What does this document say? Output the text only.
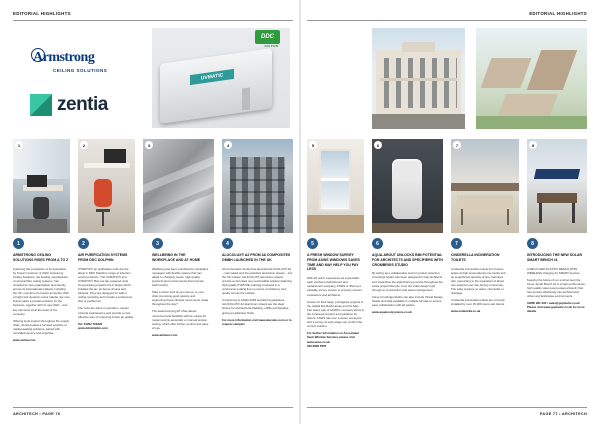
EDITORIAL HIGHLIGHTS	EDITORIAL HIGHLIGHTS
Armstrong
CEILING SOLUTIONS
zentia
DDC
DOLPHIN
UVMATIC
1	2	3	4	5	6	7	8
1
ARMSTRONG CEILING SOLUTIONS RISES FROM A TO Z

Following the completion of its acquisition by Knauf in Autumn of 2023, Armstrong Ceiling Solutions, the leading manufacturer of mineral fibre ceiling systems, has unveiled its new organisation and identity across its international markets, including the UK, now all to be known as Zentia. With a bright and dynamic colour palette, the new brand marks a pivotal evolution for the business, together with its new CEO – four key elements sit at the heart of the company.

Offering local support throughout the supply chain, Zentia boasts a focused portfolio of market-leading solutions, paired with unrivalled service and expertise.

www.zentia.com
2
AIR PURIFICATION SYSTEMS FROM DDC DOLPHIN

UVMATIC® air purification units are the latest in DDC Dolphin's range of infection control products. The UVMATIC® and UVMATIC® Plus are fan-powered units incorporating powerful UV-C lamps which irradiate the air, air-borne viruses and bacteria. They are designed for wall or ceiling mounting and provide a continuous flow of purified air.

The units are silent in operation, require minimal maintenance and provide a cost-effective way of improving indoor air quality.

Tel: 01202 723320
www.ddcdolphin.com
3
WELLBEING IN THE WORKPLACE AND AT HOME

Wellbeing has been prioritised by workplace managers with flexible spaces that can adapt to changing needs, high quality products and environments that promote staff comfort.

Take a closer look at your set-up. Is your chair promoting good posture and supporting those intricate movements made throughout the day?

The award-winning AT chair allows movement and flexibility with its unique tilt motion and its automatic or manual tension setting, which offer further comfort and ease of use.

www.atchairs.com
4
ALUCOLUX® A2 FROM 3A COMPOSITES GMBH LAUNCHED IN THE UK

3A Composites GmbH has launched ALUCOLUX® A2 – coil coated and fire-retardant aluminium sheets – into the UK market. ALUCOLUX® aluminium sheets provide an A2 rated non-combustible solution featuring high quality PVDF/PE coatings produced in a continuous coating line to ensure consistency and quality across the surface.

Conforming to AAMA 2605 and ECCA guidelines, ALUCOLUX® A2 aluminium sheets are the ideal choice for architectural cladding, soffits and facades, giving an attractive finish.

For more information visit www.alucolux.com or to request samples
5
A FRESH WINDOW SURVEY FROM ASWS WINDOWS SAVES TIME AND MAY HELP YOU PAY LESS

With 40 years' experience as a specialist sash window refurbishment and replacement company, ASWS is offering a valuable survey service to property owners, contractors and architects.

Known for their large, prestigious projects in the capital like Bush House and the May Fair Hotel, part of ASWS's company ethos is the continued support and guidance for clients. ASWS has over a dozen surveyors, and a survey at early stage can confirm the correct solution.

For further information on Associated Sash Window Services please visit www.asws.co.uk
020 8683 5555
6
AQUA-AROUT UNLOCKS BIM POTENTIAL FOR ARCHITECTS AND SPECIFIERS WITH CROMBRIGS STUDIO

By acting as a collaborative tool for product selection, Crombrigs Studio has been designed to help architects and streamline the data sharing process throughout the entire project lifecycle, from the initial design right through to construction and asset management.

Using Crombrigs Studio can also include Virtual Design Studio and data available in multiple formats to ensure easy collaboration with all parties.

www.aquaroutsystems.co.uk
7
CINDERELLA INCINERATION TOILETS

Cinderella incineration toilets turn human waste at high temperatures into sterile ash, an insignificant quantity of fine, harmless ash, amounting to the equivalent of about one teaspoon per day during normal use. The toilet requires no water, chemicals or drainage.

Cinderella incineration toilets are currently installed by over 15,000 users and clients.

www.cinderella.co.uk
8
INTRODUCING THE NEW SOLAR SMART BENCH #1

A RECYCLED PLASTIC BENCH WITH WIRELESS charging for SMART devices.

Keeping the future of our environment the focus. Smart Bench #1 is a high performance, high quality solar panel powered bench that harmonises effortlessly into architectural, urban and landscape environments.

01865 961 304 / sales@goplastic.co.uk
Please visit www.goplastic.co.uk for more details
ARCHITECH • PAGE 76	PAGE 77 • ARCHITECH
